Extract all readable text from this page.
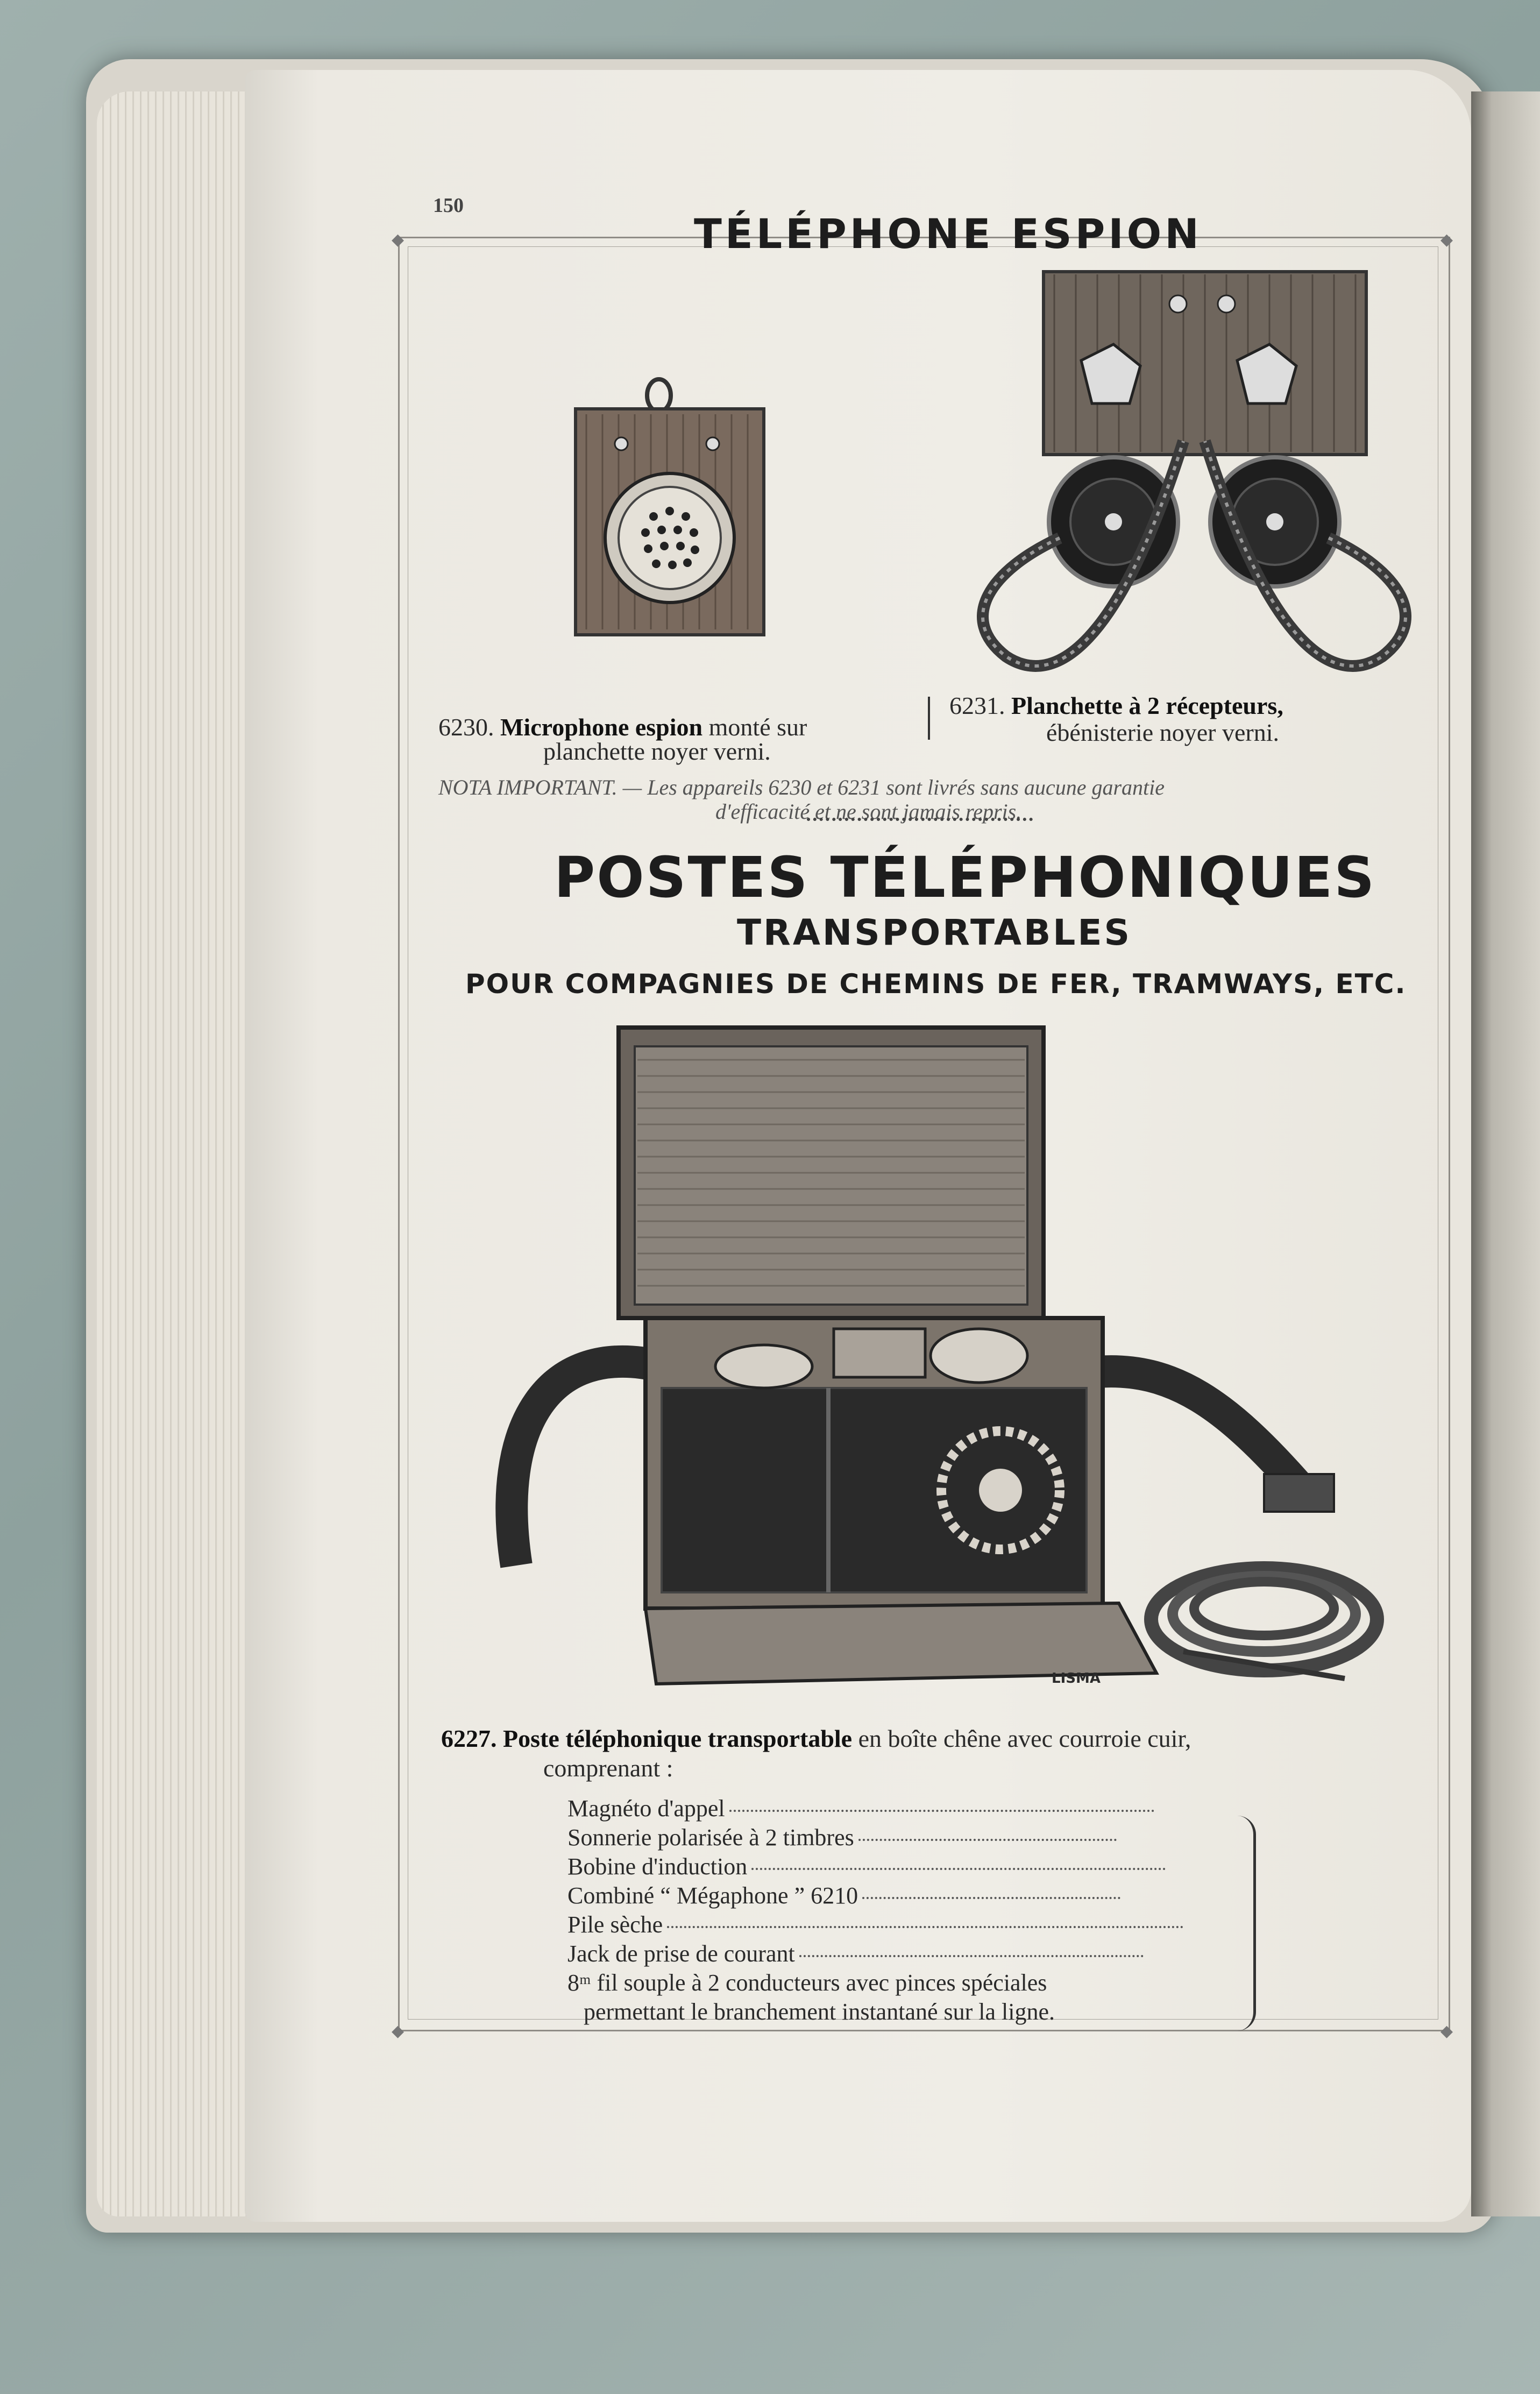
150
◆	◆
◆	◆
TÉLÉPHONE ESPION
6230. Microphone espion monté sur
planchette noyer verni.
6231. Planchette à 2 récepteurs,
ébénisterie noyer verni.
NOTA IMPORTANT. — Les appareils 6230 et 6231 sont livrés sans aucune garantie
d'efficacité et ne sont jamais repris.
POSTES TÉLÉPHONIQUES
TRANSPORTABLES
POUR COMPAGNIES DE CHEMINS DE FER, TRAMWAYS, ETC.
LISMA
6227. Poste téléphonique transportable en boîte chêne avec courroie cuir,
comprenant :
Magnéto d'appel
Sonnerie polarisée à 2 timbres
Bobine d'induction
Combiné “ Mégaphone ” 6210
Pile sèche
Jack de prise de courant
8ᵐ fil souple à 2 conducteurs avec pinces spéciales
permettant le branchement instantané sur la ligne.
